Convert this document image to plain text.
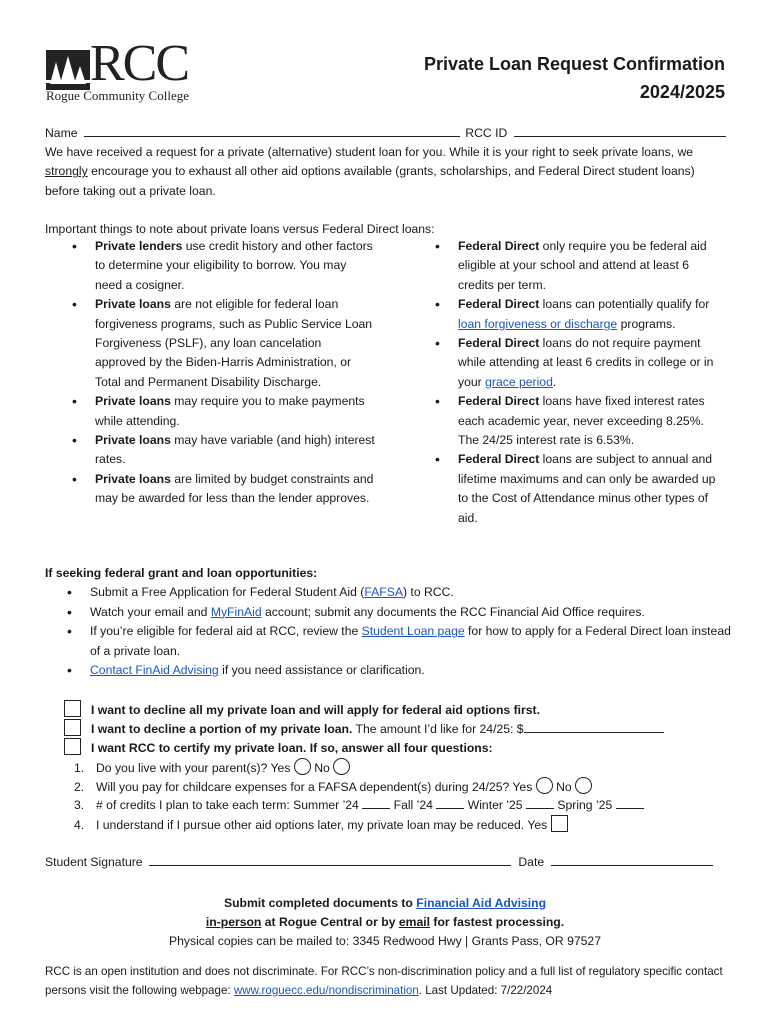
RCC
Rogue Community College
Private Loan Request Confirmation
2024/2025
Name	RCC ID
We have received a request for a private (alternative) student loan for you. While it is your right to seek private loans, we strongly encourage you to exhaust all other aid options available (grants, scholarships, and Federal Direct student loans) before taking out a private loan.
Important things to note about private loans versus Federal Direct loans:
• Private lenders use credit history and other factors to determine your eligibility to borrow. You may need a cosigner.
• Private loans are not eligible for federal loan forgiveness programs, such as Public Service Loan Forgiveness (PSLF), any loan cancelation approved by the Biden-Harris Administration, or Total and Permanent Disability Discharge.
• Private loans may require you to make payments while attending.
• Private loans may have variable (and high) interest rates.
• Private loans are limited by budget constraints and may be awarded for less than the lender approves.
• Federal Direct only require you be federal aid eligible at your school and attend at least 6 credits per term.
• Federal Direct loans can potentially qualify for loan forgiveness or discharge programs.
• Federal Direct loans do not require payment while attending at least 6 credits in college or in your grace period.
• Federal Direct loans have fixed interest rates each academic year, never exceeding 8.25%. The 24/25 interest rate is 6.53%.
• Federal Direct loans are subject to annual and lifetime maximums and can only be awarded up to the Cost of Attendance minus other types of aid.
If seeking federal grant and loan opportunities:
• Submit a Free Application for Federal Student Aid (FAFSA) to RCC.
• Watch your email and MyFinAid account; submit any documents the RCC Financial Aid Office requires.
• If you’re eligible for federal aid at RCC, review the Student Loan page for how to apply for a Federal Direct loan instead of a private loan.
• Contact FinAid Advising if you need assistance or clarification.
I want to decline all my private loan and will apply for federal aid options first.
I want to decline a portion of my private loan. The amount I’d like for 24/25: $
I want RCC to certify my private loan. If so, answer all four questions:
1. Do you live with your parent(s)? Yes No
2. Will you pay for childcare expenses for a FAFSA dependent(s) during 24/25? Yes No
3. # of credits I plan to take each term: Summer ’24	Fall ’24	Winter ’25	Spring ’25
4. I understand if I pursue other aid options later, my private loan may be reduced. Yes
Student Signature	Date
Submit completed documents to Financial Aid Advising
in-person at Rogue Central or by email for fastest processing.
Physical copies can be mailed to: 3345 Redwood Hwy | Grants Pass, OR 97527
RCC is an open institution and does not discriminate. For RCC’s non-discrimination policy and a full list of regulatory specific contact persons visit the following webpage: www.roguecc.edu/nondiscrimination. Last Updated: 7/22/2024
